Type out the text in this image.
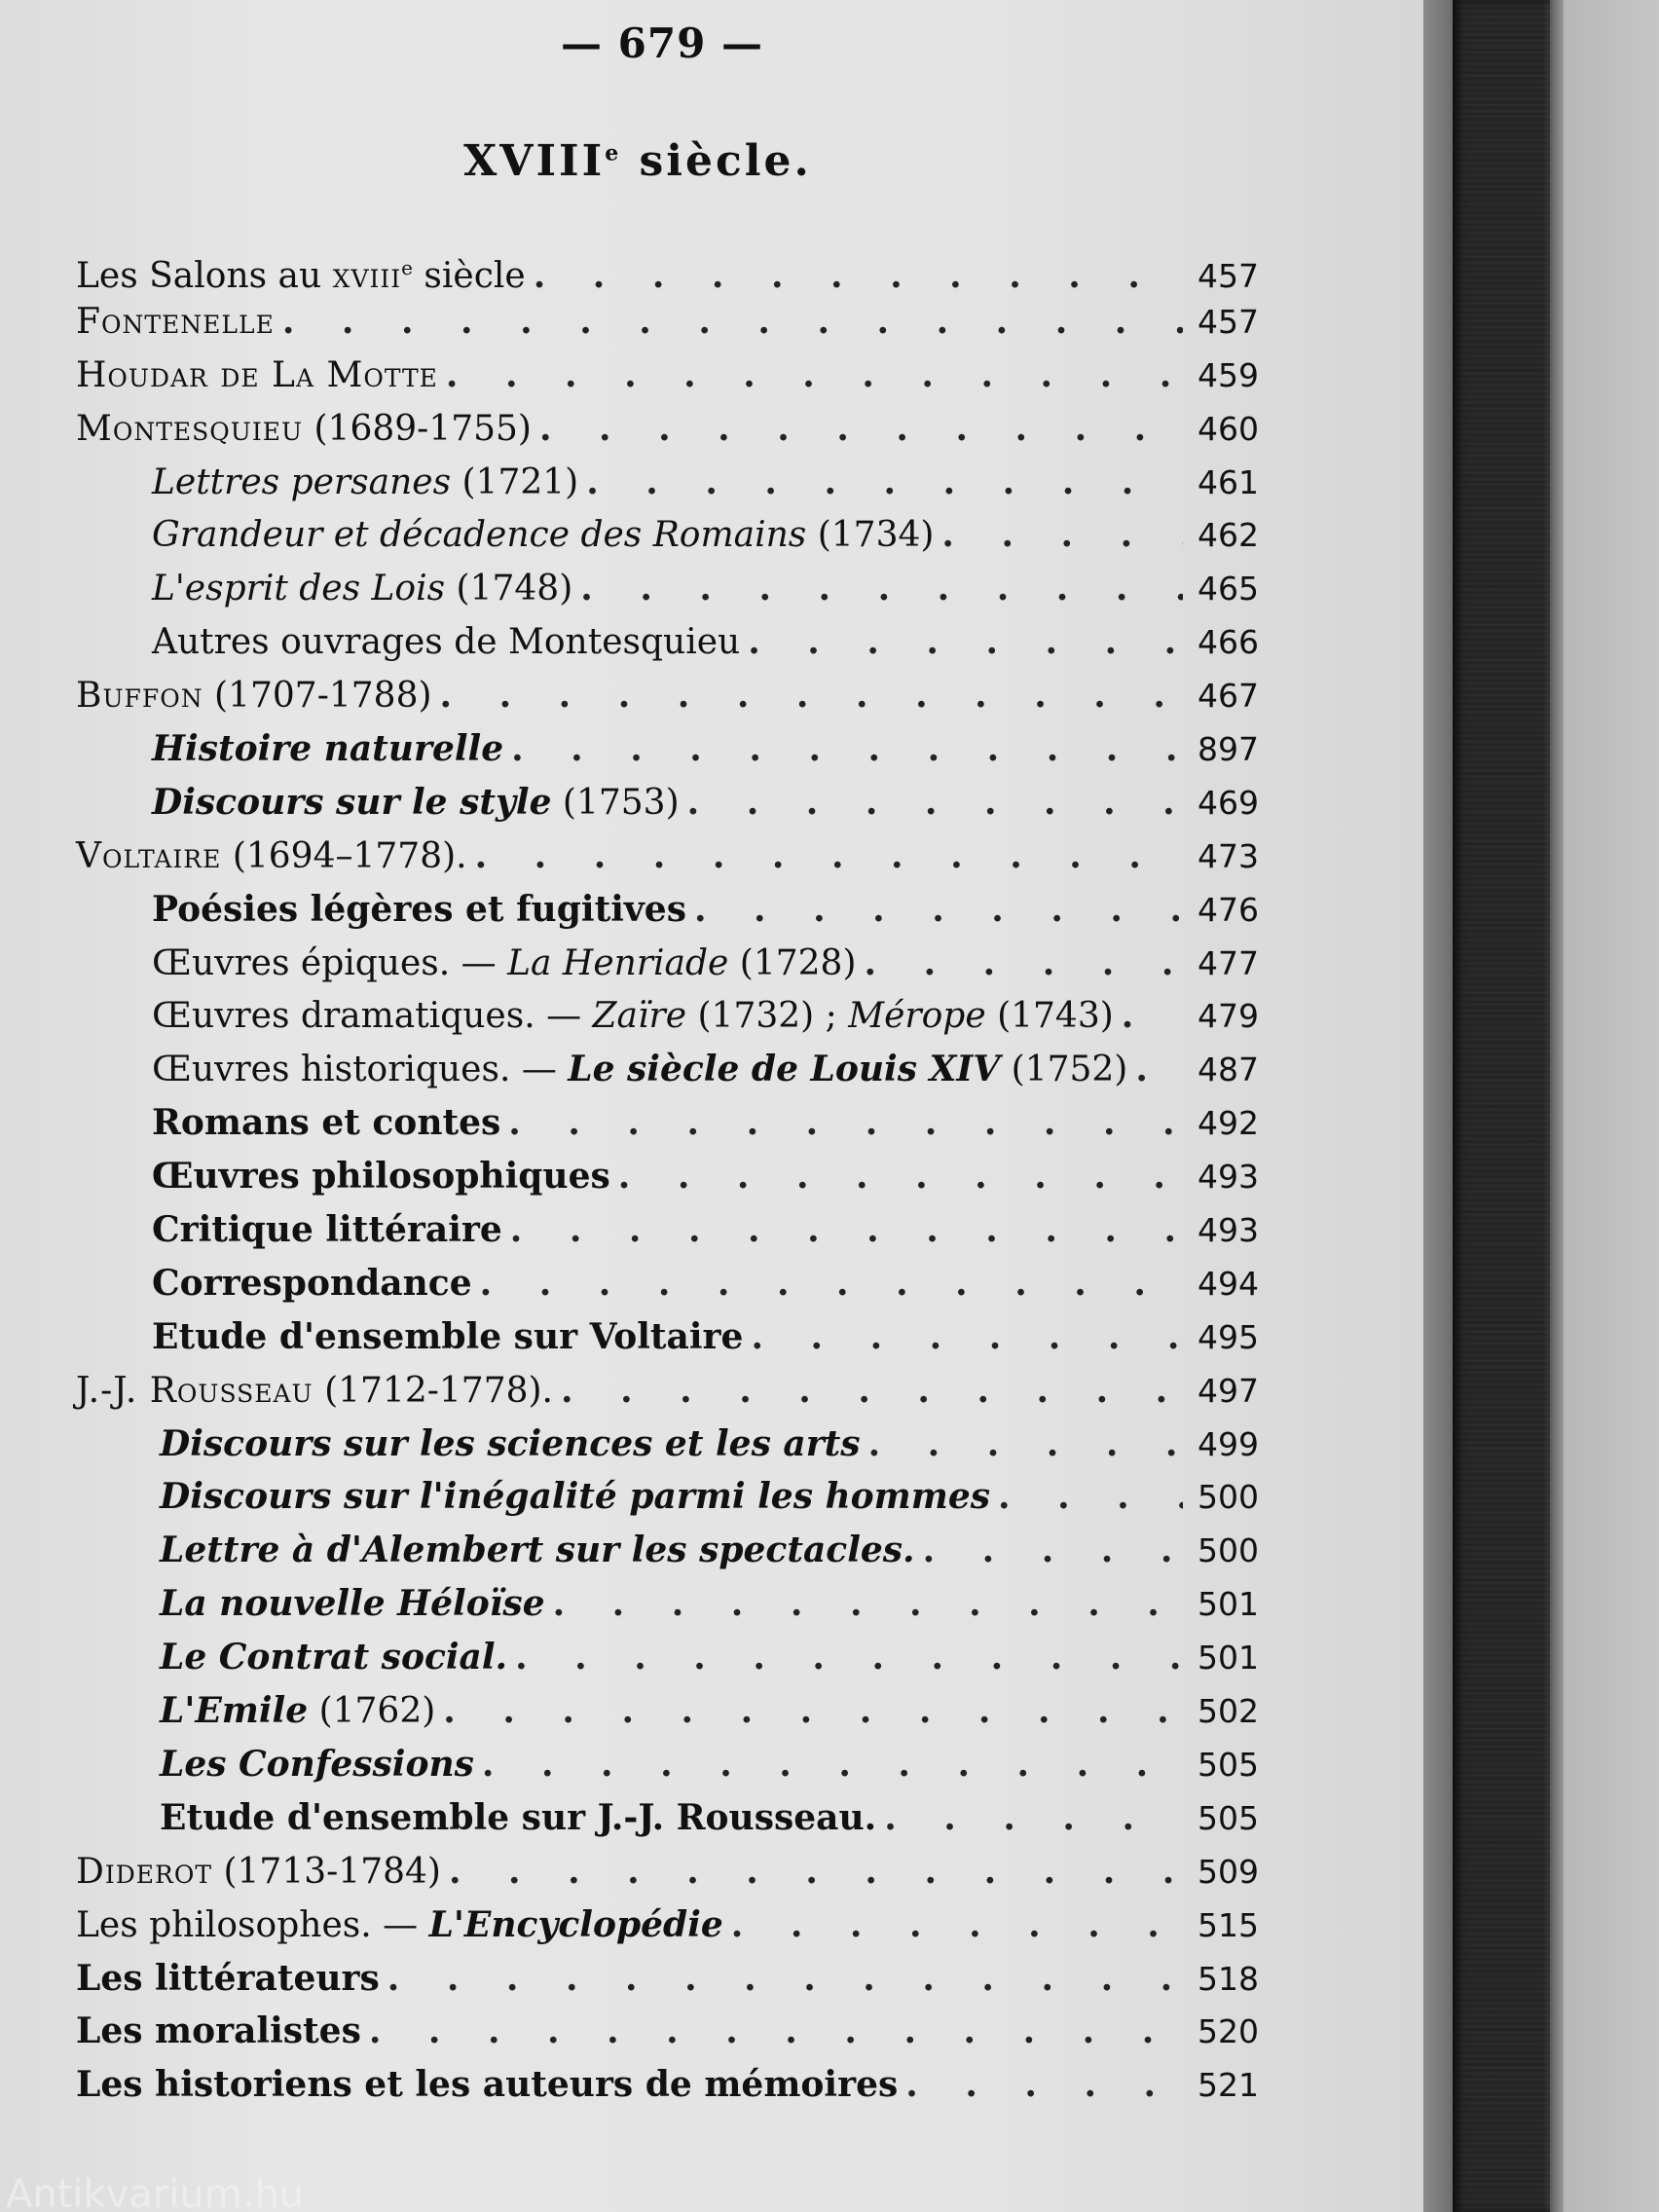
— 679 —
XVIIIe siècle.
Les Salons au xviii$^e$ siècle . . .	457
Fontenelle . . .	457
Houdar de La Motte . . .	459
Montesquieu (1689-1755) . . .	460
Lettres persanes (1721) . . .	461
Grandeur et décadence des Romains (1734) . . .	462
L'esprit des Lois (1748) . . .	465
Autres ouvrages de Montesquieu . . .	466
Buffon (1707-1788) . . .	467
Histoire naturelle . . .	897
Discours sur le style (1753) . . .	469
Voltaire (1694–1778). . . .	473
Poésies légères et fugitives . . .	476
Œuvres épiques. — La Henriade (1728) . . .	477
Œuvres dramatiques. — Zaïre (1732) ; Mérope (1743) . . .	479
Œuvres historiques. — Le siècle de Louis XIV (1752) . . . 487
Romans et contes . . .	492
Œuvres philosophiques . . .	493
Critique littéraire . . .	493
Correspondance . . .	494
Etude d'ensemble sur Voltaire . . .	495
J.-J. Rousseau (1712-1778). . . .	497
Discours sur les sciences et les arts . . .	499
Discours sur l'inégalité parmi les hommes . . .	500
Lettre à d'Alembert sur les spectacles. . . .	500
La nouvelle Héloïse . . .	501
Le Contrat social. . . .	501
L'Emile (1762) . . .	502
Les Confessions . . .	505
Etude d'ensemble sur J.-J. Rousseau. . . .	505
Diderot (1713-1784) . . .	509
Les philosophes. — L'Encyclopédie . . .	515
Les littérateurs . . .	518
Les moralistes . . .	520
Les historiens et les auteurs de mémoires . . .	521
Antikvarium.hu
